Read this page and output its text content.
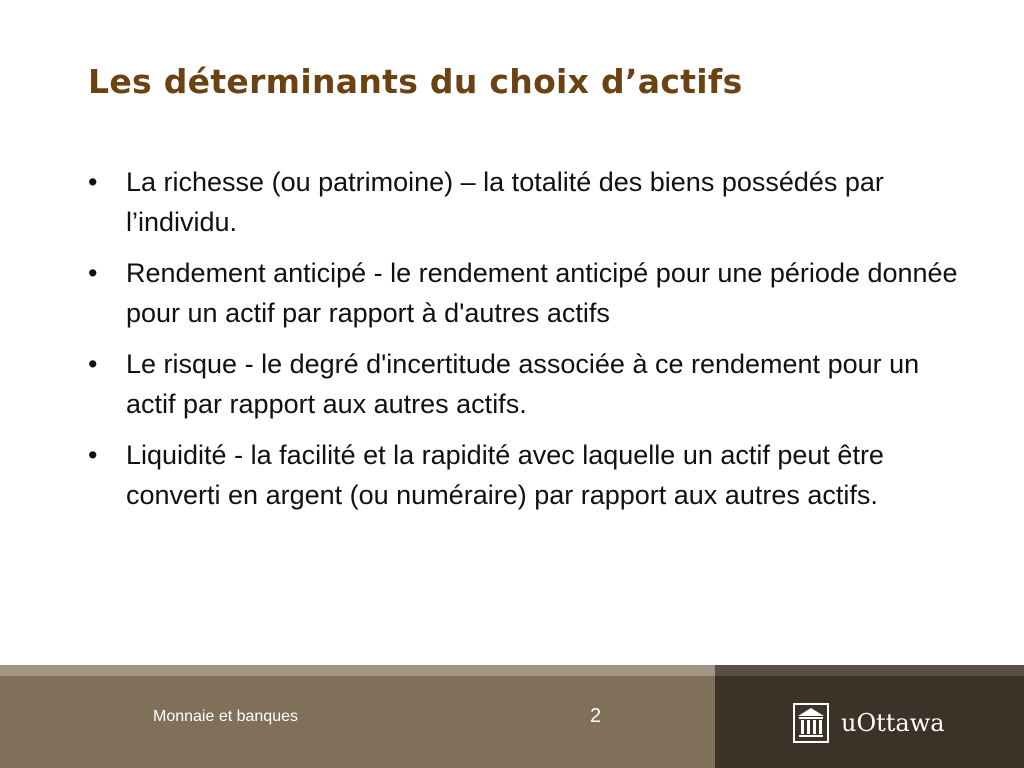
Les déterminants du choix d’actifs
•	La richesse (ou patrimoine) – la totalité des biens possédés par l’individu.
•	Rendement anticipé - le rendement anticipé pour une période donnée pour un actif par rapport à d'autres actifs
•	Le risque - le degré d'incertitude associée à ce rendement pour un actif par rapport aux autres actifs.
•	Liquidité - la facilité et la rapidité avec laquelle un actif peut être converti en argent (ou numéraire) par rapport aux autres actifs.
Monnaie et banques	2	uOttawa
